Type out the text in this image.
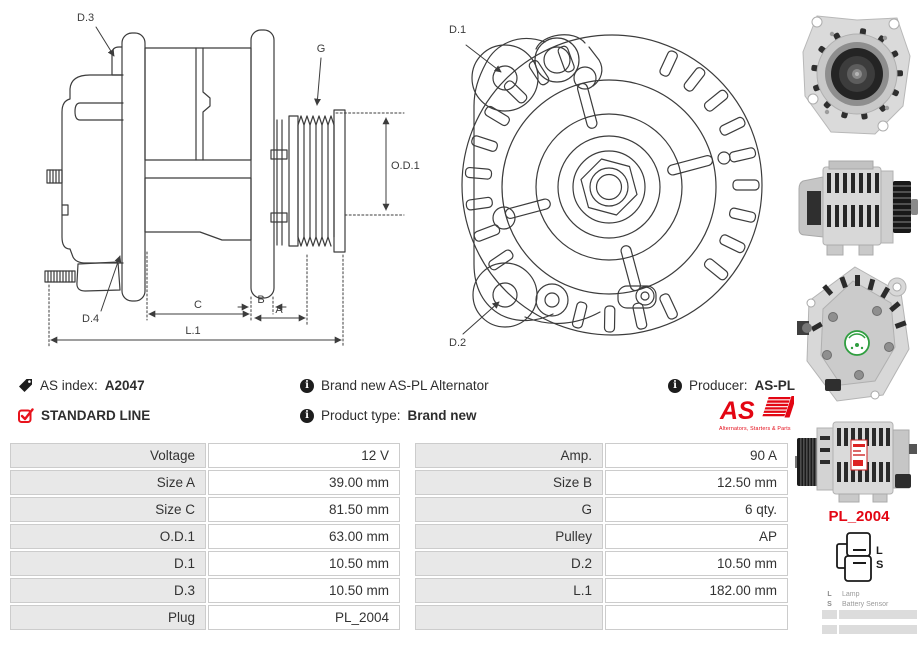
D.3
G
O.D.1
D.4
C	B
A
L.1
D.1
D.2
AS index: A2047 i	Brand new AS-PL Alternator i	Producer: AS-PL
STANDARD LINE i	Product type: Brand new	AS
Alternators, Starters & Parts
Voltage	12 V
Size A	39.00 mm
Size C	81.50 mm
O.D.1	63.00 mm
D.1	10.50 mm
D.3	10.50 mm
Plug	PL_2004
Amp.	90 A
Size B	12.50 mm
G	6 qty.
Pulley	AP
D.2	10.50 mm
L.1	182.00 mm
PL_2004
L
S
L	Lamp
S	Battery Sensor
